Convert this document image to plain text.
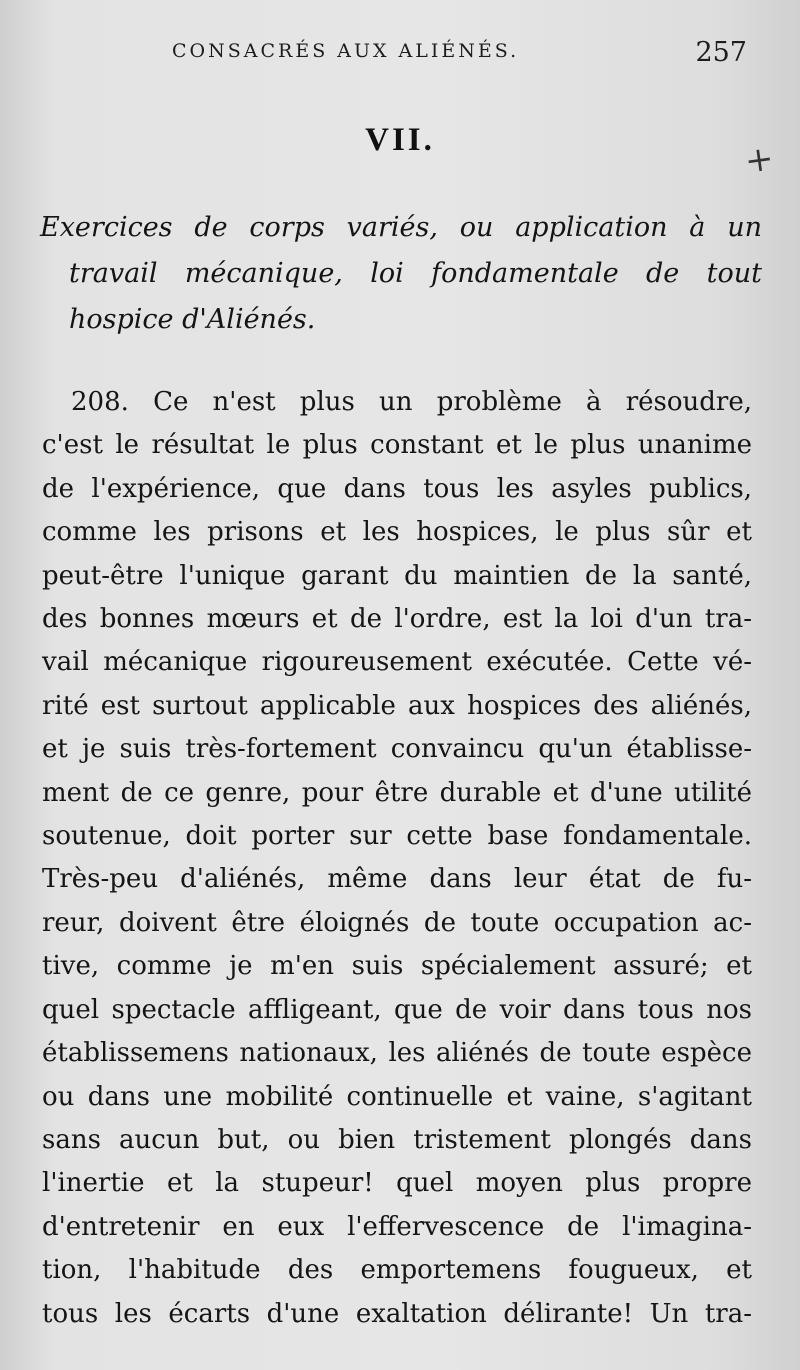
CONSACRÉS AUX ALIÉNÉS.	257
+
VII.
Exercices de corps variés, ou application à un
travail mécanique, loi fondamentale de tout
hospice d'Aliénés.
208. Ce n'est plus un problème à résoudre,
c'est le résultat le plus constant et le plus unanime
de l'expérience, que dans tous les asyles publics,
comme les prisons et les hospices, le plus sûr et
peut-être l'unique garant du maintien de la santé,
des bonnes mœurs et de l'ordre, est la loi d'un tra-
vail mécanique rigoureusement exécutée. Cette vé-
rité est surtout applicable aux hospices des aliénés,
et je suis très-fortement convaincu qu'un établisse-
ment de ce genre, pour être durable et d'une utilité
soutenue, doit porter sur cette base fondamentale.
Très-peu d'aliénés, même dans leur état de fu-
reur, doivent être éloignés de toute occupation ac-
tive, comme je m'en suis spécialement assuré; et
quel spectacle affligeant, que de voir dans tous nos
établissemens nationaux, les aliénés de toute espèce
ou dans une mobilité continuelle et vaine, s'agitant
sans aucun but, ou bien tristement plongés dans
l'inertie et la stupeur! quel moyen plus propre
d'entretenir en eux l'effervescence de l'imagina-
tion, l'habitude des emportemens fougueux, et
tous les écarts d'une exaltation délirante! Un tra-
